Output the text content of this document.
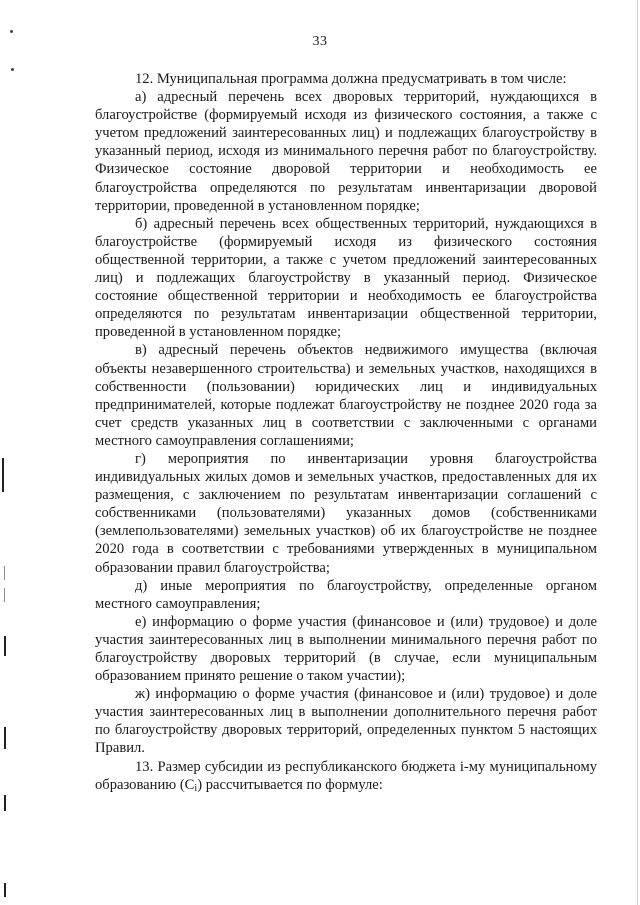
33

12. Муниципальная программа должна предусматривать в том числе:

а) адресный перечень всех дворовых территорий, нуждающихся в благоустройстве (формируемый исходя из физического состояния, а также с учетом предложений заинтересованных лиц) и подлежащих благоустройству в указанный период, исходя из минимального перечня работ по благоустройству. Физическое состояние дворовой территории и необходимость ее благоустройства определяются по результатам инвентаризации дворовой территории, проведенной в установленном порядке;

б) адресный перечень всех общественных территорий, нуждающихся в благоустройстве (формируемый исходя из физического состояния общественной территории, а также с учетом предложений заинтересованных лиц) и подлежащих благоустройству в указанный период. Физическое состояние общественной территории и необходимость ее благоустройства определяются по результатам инвентаризации общественной территории, проведенной в установленном порядке;

в) адресный перечень объектов недвижимого имущества (включая объекты незавершенного строительства) и земельных участков, находящихся в собственности (пользовании) юридических лиц и индивидуальных предпринимателей, которые подлежат благоустройству не позднее 2020 года за счет средств указанных лиц в соответствии с заключенными с органами местного самоуправления соглашениями;

г) мероприятия по инвентаризации уровня благоустройства индивидуальных жилых домов и земельных участков, предоставленных для их размещения, с заключением по результатам инвентаризации соглашений с собственниками (пользователями) указанных домов (собственниками (землепользователями) земельных участков) об их благоустройстве не позднее 2020 года в соответствии с требованиями утвержденных в муниципальном образовании правил благоустройства;

д) иные мероприятия по благоустройству, определенные органом местного самоуправления;

е) информацию о форме участия (финансовое и (или) трудовое) и доле участия заинтересованных лиц в выполнении минимального перечня работ по благоустройству дворовых территорий (в случае, если муниципальным образованием принято решение о таком участии);

ж) информацию о форме участия (финансовое и (или) трудовое) и доле участия заинтересованных лиц в выполнении дополнительного перечня работ по благоустройству дворовых территорий, определенных пунктом 5 настоящих Правил.

13. Размер субсидии из республиканского бюджета i-му муниципальному образованию $(С_i)$ рассчитывается по формуле:
